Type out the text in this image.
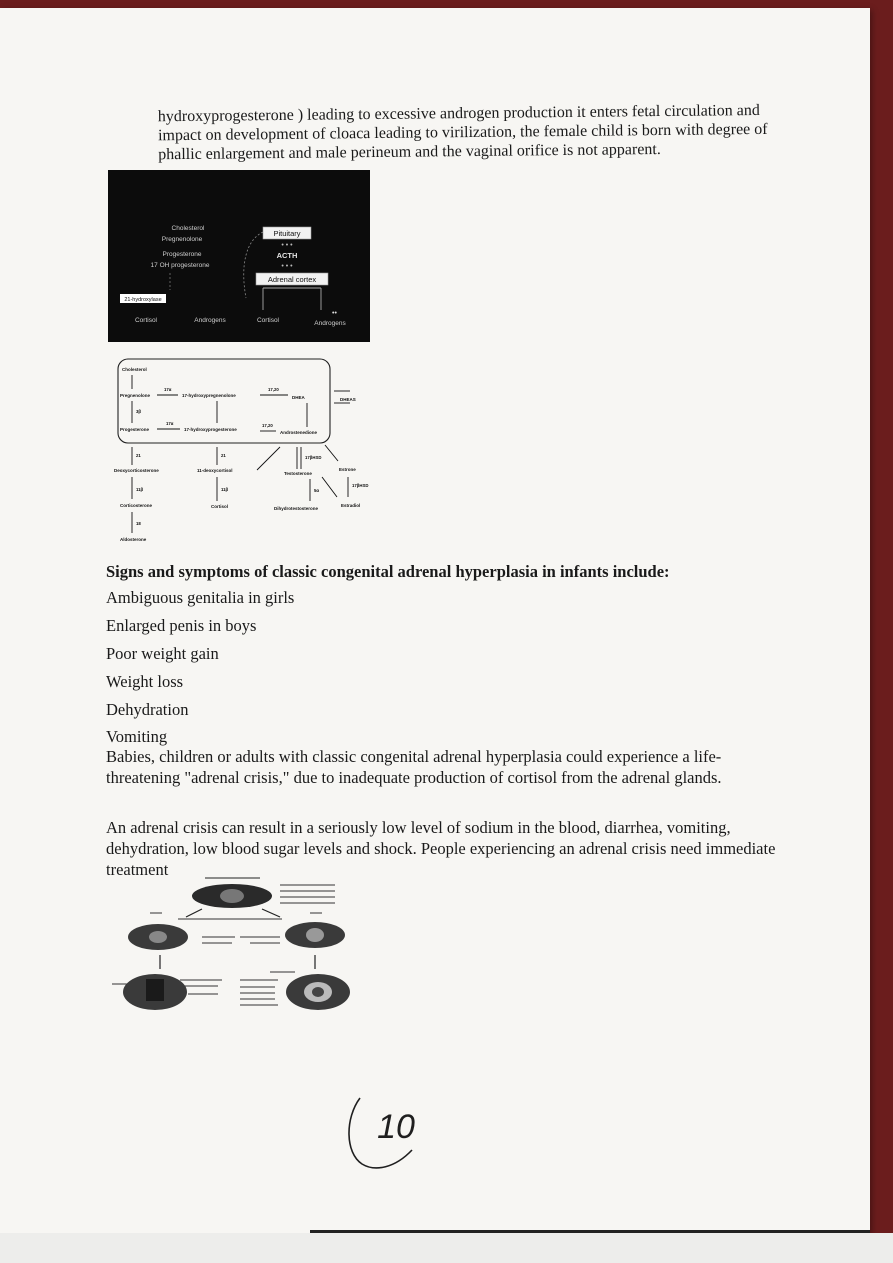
hydroxyprogesterone ) leading to excessive androgen production it enters fetal circulation and impact on development of cloaca leading to virilization, the female child is born with degree of phallic enlargement and male perineum and the vaginal orifice is not apparent.

Cholesterol
Pregnenolone
Progesterone
17 OH progesterone
21-hydroxylase
Pituitary
• • •
ACTH
• • •
Adrenal cortex
••
Cortisol	Androgens	Cortisol	Androgens
Cholesterol
Pregnenolone	17-hydroxypregnenolone	DHEA	DHEAS
Progesterone	17-hydroxyprogesterone
Androstenedione
Deoxycorticosterone	11-deoxycortisol
Testosterone
Estrone
Corticosterone	Cortisol	Dihydrotestosterone
Estradiol
Aldosterone
17α	17,20
3β
17α	17,20
21	21
11β	11β
17βHSD
5α
17βHSD
18

Signs and symptoms of classic congenital adrenal hyperplasia in infants include:

Ambiguous genitalia in girls
Enlarged penis in boys
Poor weight gain
Weight loss
Dehydration
Vomiting

Babies, children or adults with classic congenital adrenal hyperplasia could experience a life-threatening "adrenal crisis," due to inadequate production of cortisol from the adrenal glands.

An adrenal crisis can result in a seriously low level of sodium in the blood, diarrhea, vomiting, dehydration, low blood sugar levels and shock. People experiencing an adrenal crisis need immediate treatment

10
